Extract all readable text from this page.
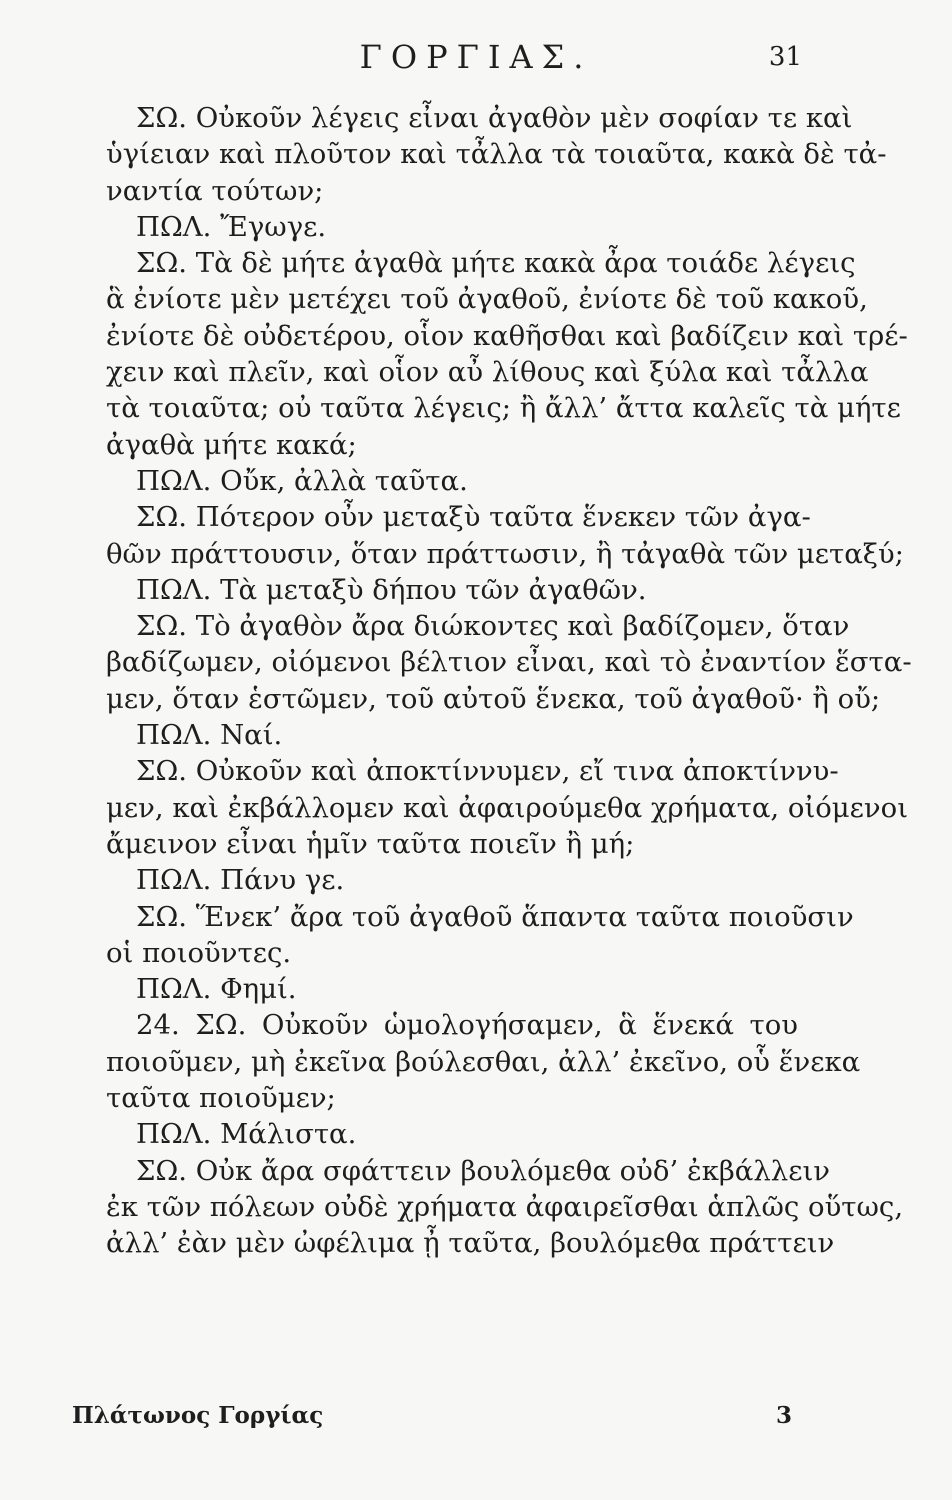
ΓΟΡΓΙΑΣ.	31
ΣΩ. Οὐκοῦν λέγεις εἶναι ἀγαθὸν μὲν σοφίαν τε καὶ
ὑγίειαν καὶ πλοῦτον καὶ τἆλλα τὰ τοιαῦτα, κακὰ δὲ τἀ-
ναντία τούτων;
ΠΩΛ. Ἔγωγε.
ΣΩ. Τὰ δὲ μήτε ἀγαθὰ μήτε κακὰ ἆρα τοιάδε λέγεις
ἃ ἐνίοτε μὲν μετέχει τοῦ ἀγαθοῦ, ἐνίοτε δὲ τοῦ κακοῦ,
ἐνίοτε δὲ οὐδετέρου, οἷον καθῆσθαι καὶ βαδίζειν καὶ τρέ-
χειν καὶ πλεῖν, καὶ οἷον αὖ λίθους καὶ ξύλα καὶ τἆλλα
τὰ τοιαῦτα; οὐ ταῦτα λέγεις; ἢ ἄλλ’ ἄττα καλεῖς τὰ μήτε
ἀγαθὰ μήτε κακά;
ΠΩΛ. Οὔκ, ἀλλὰ ταῦτα.
ΣΩ. Πότερον οὖν μεταξὺ ταῦτα ἕνεκεν τῶν ἀγα-
θῶν πράττουσιν, ὅταν πράττωσιν, ἢ τἀγαθὰ τῶν μεταξύ;
ΠΩΛ. Τὰ μεταξὺ δήπου τῶν ἀγαθῶν.
ΣΩ. Τὸ ἀγαθὸν ἄρα διώκοντες καὶ βαδίζομεν, ὅταν
βαδίζωμεν, οἰόμενοι βέλτιον εἶναι, καὶ τὸ ἐναντίον ἕστα-
μεν, ὅταν ἑστῶμεν, τοῦ αὐτοῦ ἕνεκα, τοῦ ἀγαθοῦ· ἢ οὔ;
ΠΩΛ. Ναί.
ΣΩ. Οὐκοῦν καὶ ἀποκτίννυμεν, εἴ τινα ἀποκτίννυ-
μεν, καὶ ἐκβάλλομεν καὶ ἀφαιρούμεθα χρήματα, οἰόμενοι
ἄμεινον εἶναι ἡμῖν ταῦτα ποιεῖν ἢ μή;
ΠΩΛ. Πάνυ γε.
ΣΩ. Ἕνεκ’ ἄρα τοῦ ἀγαθοῦ ἅπαντα ταῦτα ποιοῦσιν
οἱ ποιοῦντες.
ΠΩΛ. Φημί.
24. ΣΩ. Οὐκοῦν ὡμολογήσαμεν, ἃ ἕνεκά του
ποιοῦμεν, μὴ ἐκεῖνα βούλεσθαι, ἀλλ’ ἐκεῖνο, οὗ ἕνεκα
ταῦτα ποιοῦμεν;
ΠΩΛ. Μάλιστα.
ΣΩ. Οὐκ ἄρα σφάττειν βουλόμεθα οὐδ’ ἐκβάλλειν
ἐκ τῶν πόλεων οὐδὲ χρήματα ἀφαιρεῖσθαι ἁπλῶς οὕτως,
ἀλλ’ ἐὰν μὲν ὠφέλιμα ᾖ ταῦτα, βουλόμεθα πράττειν
Πλάτωνος Γοργίας	3
